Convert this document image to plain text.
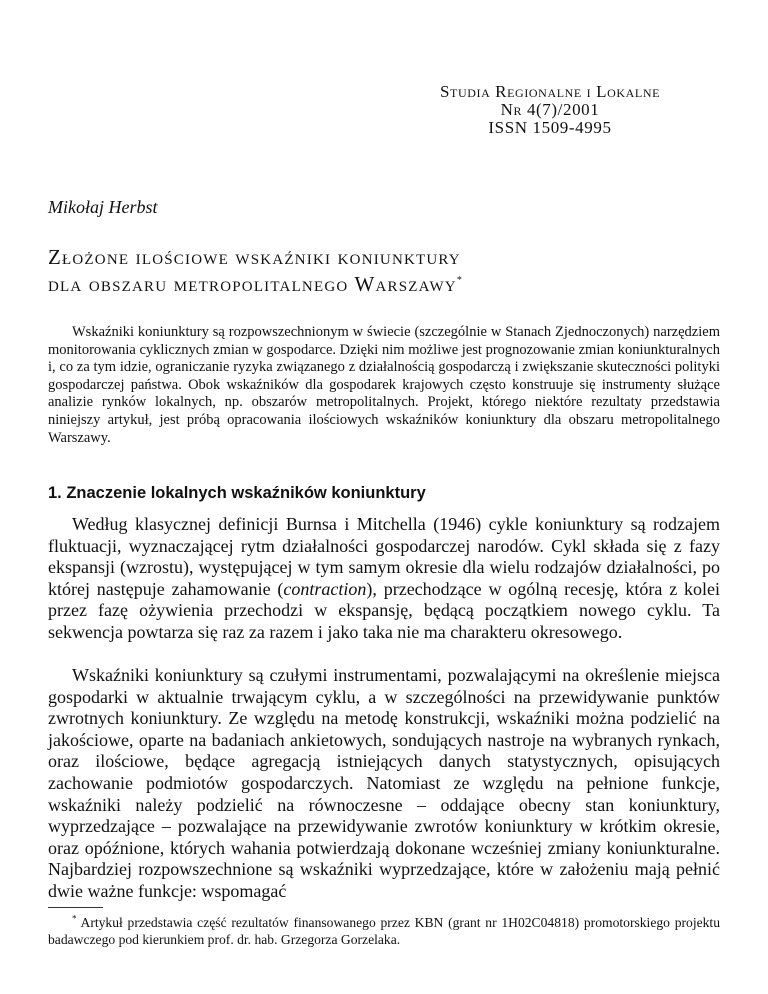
Studia Regionalne i Lokalne
Nr 4(7)/2001
ISSN 1509-4995
Mikołaj Herbst
Złożone ilościowe wskaźniki koniunktury
dla obszaru metropolitalnego Warszawy*

Wskaźniki koniunktury są rozpowszechnionym w świecie (szczególnie w Stanach Zjednoczonych) narzędziem monitorowania cyklicznych zmian w gospodarce. Dzięki nim możliwe jest prognozowanie zmian koniunkturalnych i, co za tym idzie, ograniczanie ryzyka związanego z działalnością gospodarczą i zwiększanie skuteczności polityki gospodarczej państwa. Obok wskaźników dla gospodarek krajowych często konstruuje się instrumenty służące analizie rynków lokalnych, np. obszarów metropolitalnych. Projekt, którego niektóre rezultaty przedstawia niniejszy artykuł, jest próbą opracowania ilościowych wskaźników koniunktury dla obszaru metropolitalnego Warszawy.

1. Znaczenie lokalnych wskaźników koniunktury

Według klasycznej definicji Burnsa i Mitchella (1946) cykle koniunktury są rodzajem fluktuacji, wyznaczającej rytm działalności gospodarczej narodów. Cykl składa się z fazy ekspansji (wzrostu), występującej w tym samym okresie dla wielu rodzajów działalności, po której następuje zahamowanie (contraction), przechodzące w ogólną recesję, która z kolei przez fazę ożywienia przechodzi w ekspansję, będącą początkiem nowego cyklu. Ta sekwencja powtarza się raz za razem i jako taka nie ma charakteru okresowego.

Wskaźniki koniunktury są czułymi instrumentami, pozwalającymi na określenie miejsca gospodarki w aktualnie trwającym cyklu, a w szczególności na przewidywanie punktów zwrotnych koniunktury. Ze względu na metodę konstrukcji, wskaźniki można podzielić na jakościowe, oparte na badaniach ankietowych, sondujących nastroje na wybranych rynkach, oraz ilościowe, będące agregacją istniejących danych statystycznych, opisujących zachowanie podmiotów gospodarczych. Natomiast ze względu na pełnione funkcje, wskaźniki należy podzielić na równoczesne – oddające obecny stan koniunktury, wyprzedzające – pozwalające na przewidywanie zwrotów koniunktury w krótkim okresie, oraz opóźnione, których wahania potwierdzają dokonane wcześniej zmiany koniunkturalne. Najbardziej rozpowszechnione są wskaźniki wyprzedzające, które w założeniu mają pełnić dwie ważne funkcje: wspomagać

* Artykuł przedstawia część rezultatów finansowanego przez KBN (grant nr 1H02C04818) promotorskiego projektu badawczego pod kierunkiem prof. dr. hab. Grzegorza Gorzelaka.
